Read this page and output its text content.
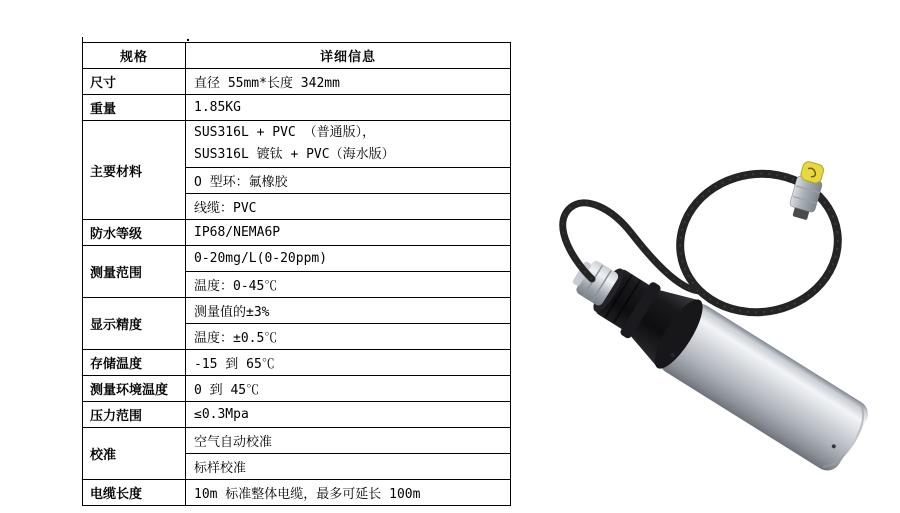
规格	详细信息
尺寸	直径 55mm*长度 342mm
重量	1.85KG
主要材料	SUS316L + PVC （普通版），
SUS316L 镀钛 + PVC（海水版）

	O 型环：氟橡胶
	线缆：PVC
防水等级	IP68/NEMA6P
测量范围	0-20mg/L(0-20ppm)
	温度：0-45℃
显示精度	测量值的±3%
	温度：±0.5℃
存储温度	-15 到 65℃
测量环境温度	0 到 45℃
压力范围	≤0.3Mpa
校准	空气自动校准
	标样校准
电缆长度	10m 标准整体电缆，最多可延长 100m
